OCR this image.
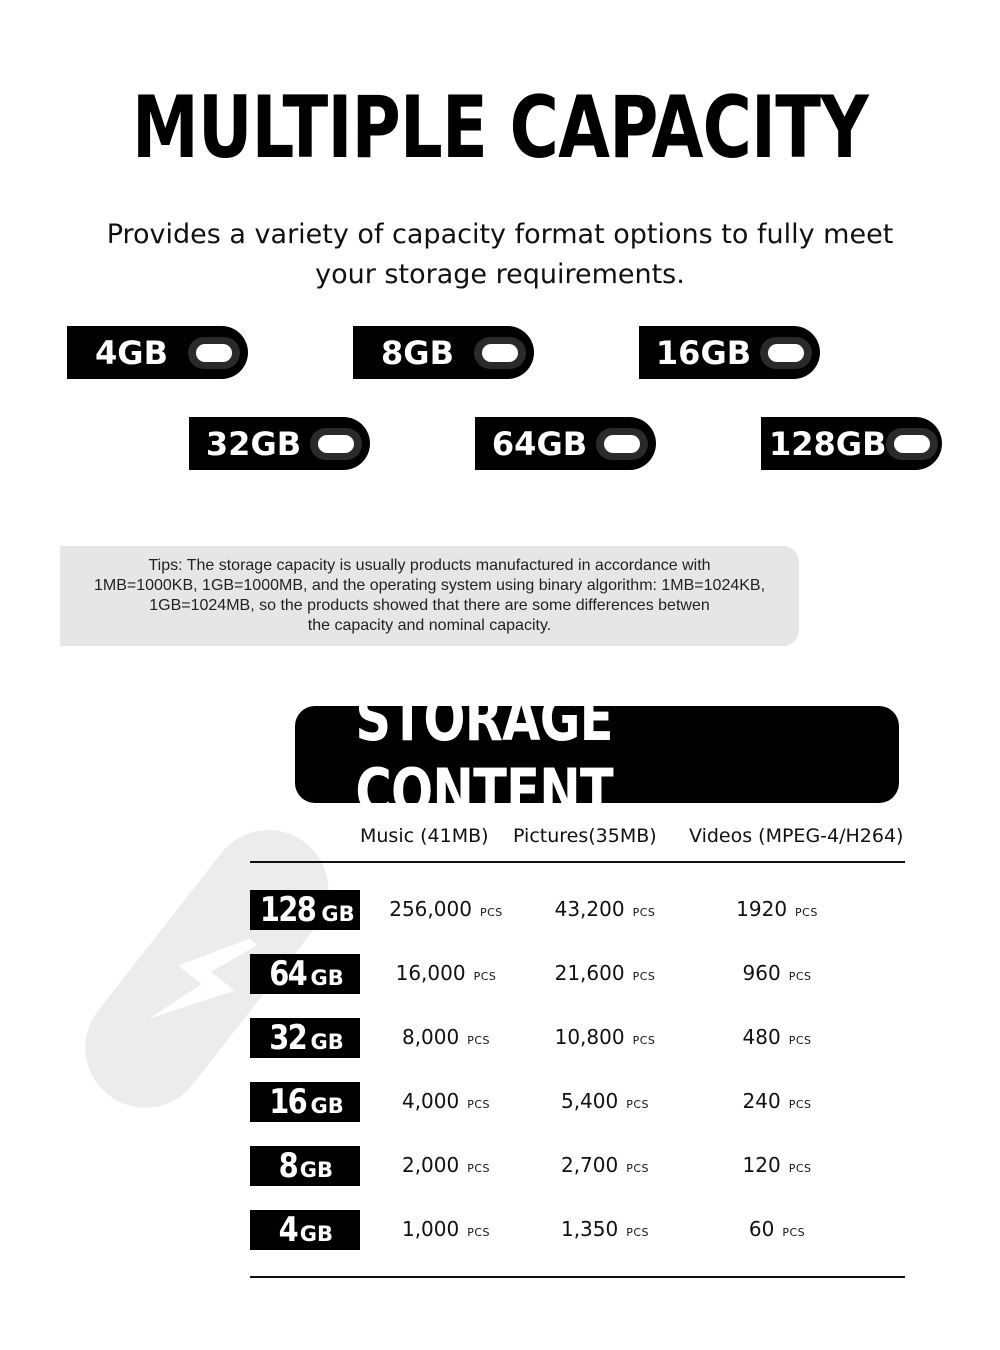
MULTIPLE CAPACITY

Provides a variety of capacity format options to fully meet
your storage requirements.

4GB	8GB	16GB
32GB	64GB	128GB
Tips: The storage capacity is usually products manufactured in accordance with
1MB=1000KB, 1GB=1000MB, and the operating system using binary algorithm: 1MB=1024KB,
1GB=1024MB, so the products showed that there are some differences betwen
the capacity and nominal capacity.
STORAGE CONTENT
Music (41MB) Pictures(35MB) Videos (MPEG-4/H264)
128 GB	256,000 PCS	43,200 PCS	1920 PCS
64 GB	16,000 PCS	21,600 PCS	960 PCS
32 GB	8,000 PCS	10,800 PCS	480 PCS
16 GB	4,000 PCS	5,400 PCS	240 PCS
8 GB	2,000 PCS	2,700 PCS	120 PCS
4 GB	1,000 PCS	1,350 PCS	60 PCS
